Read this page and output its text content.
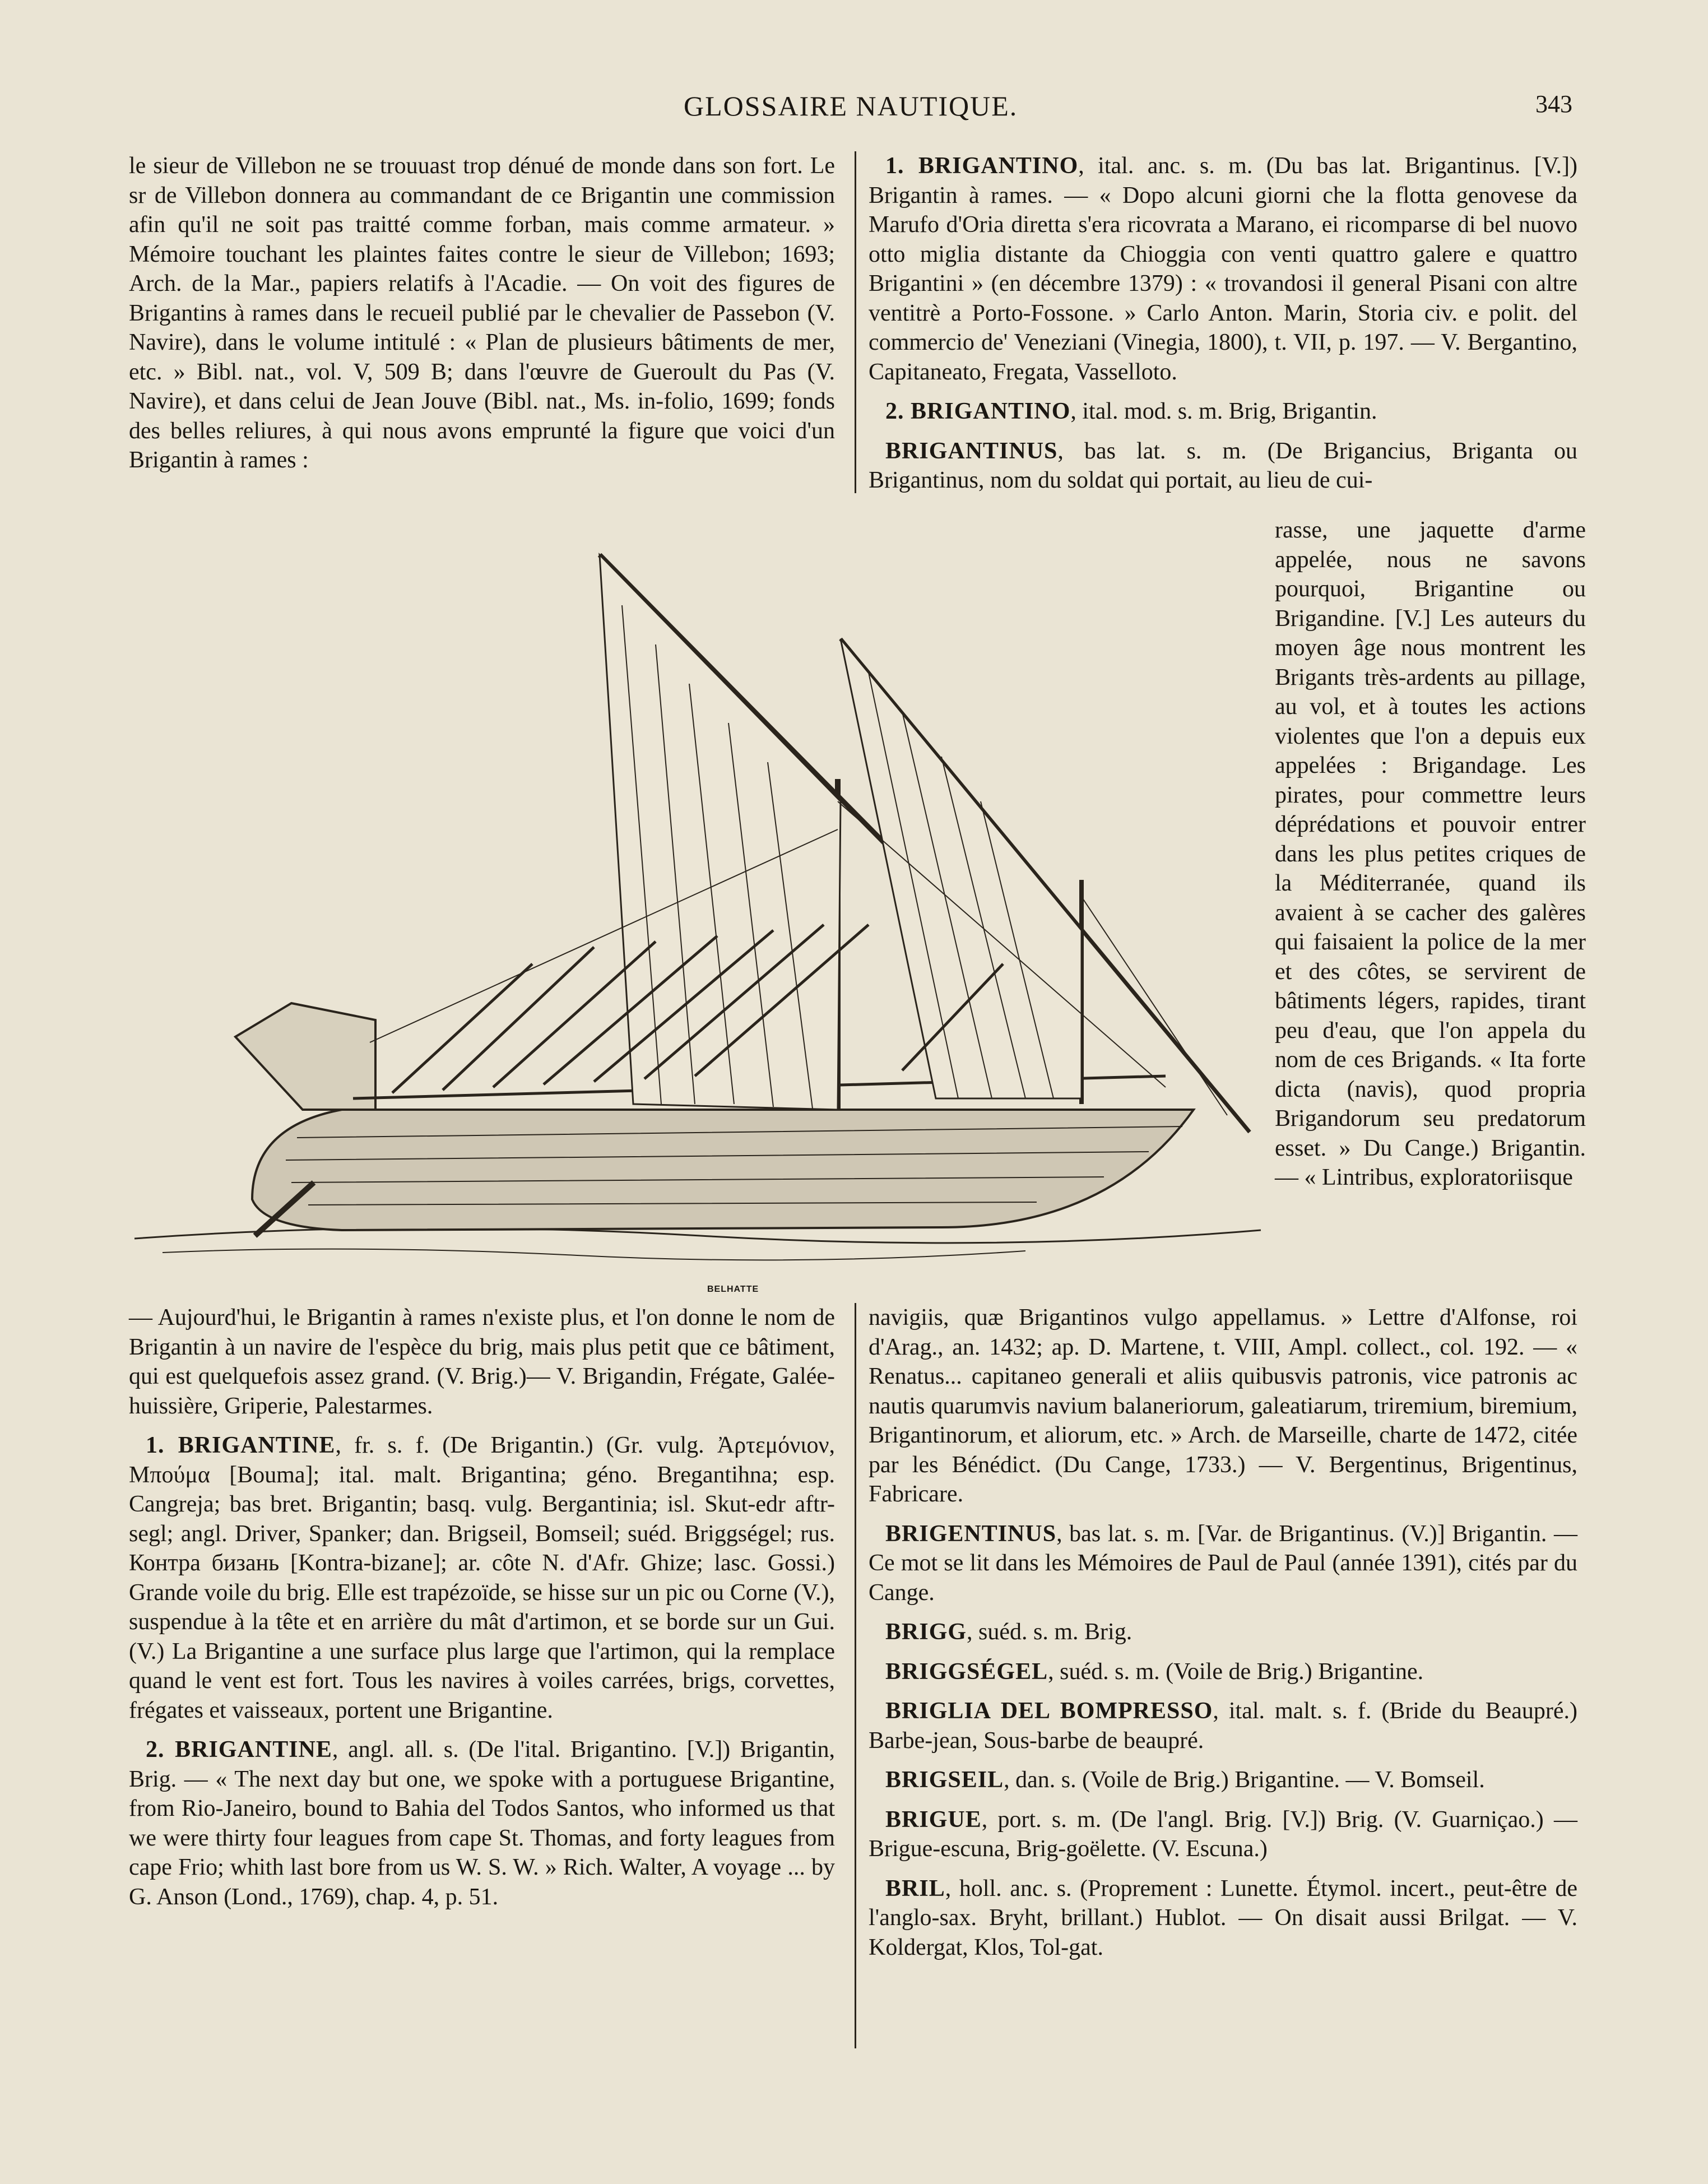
GLOSSAIRE NAUTIQUE.	343

le sieur de Villebon ne se trouuast trop dénué de monde dans son fort. Le sr de Villebon donnera au commandant de ce Brigantin une commission afin qu'il ne soit pas traitté comme forban, mais comme armateur. » Mémoire touchant les plaintes faites contre le sieur de Villebon; 1693; Arch. de la Mar., papiers relatifs à l'Acadie. — On voit des figures de Brigantins à rames dans le recueil publié par le chevalier de Passebon (V. Navire), dans le volume intitulé : « Plan de plusieurs bâtiments de mer, etc. » Bibl. nat., vol. V, 509 B; dans l'œuvre de Gueroult du Pas (V. Navire), et dans celui de Jean Jouve (Bibl. nat., Ms. in-folio, 1699; fonds des belles reliures, à qui nous avons emprunté la figure que voici d'un Brigantin à rames :

1. BRIGANTINO, ital. anc. s. m. (Du bas lat. Brigantinus. [V.]) Brigantin à rames. — « Dopo alcuni giorni che la flotta genovese da Marufo d'Oria diretta s'era ricovrata a Marano, ei ricomparse di bel nuovo otto miglia distante da Chioggia con venti quattro galere e quattro Brigantini » (en décembre 1379) : « trovandosi il general Pisani con altre ventitrè a Porto-Fossone. » Carlo Anton. Marin, Storia civ. e polit. del commercio de' Veneziani (Vinegia, 1800), t. VII, p. 197. — V. Bergantino, Capitaneato, Fregata, Vasselloto.

2. BRIGANTINO, ital. mod. s. m. Brig, Brigantin.

BRIGANTINUS, bas lat. s. m. (De Brigancius, Briganta ou Brigantinus, nom du soldat qui portait, au lieu de cui-

rasse, une jaquette d'arme appelée, nous ne savons pourquoi, Brigantine ou Brigandine. [V.] Les auteurs du moyen âge nous montrent les Brigants très-ardents au pillage, au vol, et à toutes les actions violentes que l'on a depuis eux appelées : Brigandage. Les pirates, pour commettre leurs déprédations et pouvoir entrer dans les plus petites criques de la Méditerranée, quand ils avaient à se cacher des galères qui faisaient la police de la mer et des côtes, se servirent de bâtiments légers, rapides, tirant peu d'eau, que l'on appela du nom de ces Brigands. « Ita forte dicta (navis), quod propria Brigandorum seu predatorum esset. » Du Cange.) Brigantin. — « Lintribus, exploratoriisque

BELHATTE

— Aujourd'hui, le Brigantin à rames n'existe plus, et l'on donne le nom de Brigantin à un navire de l'espèce du brig, mais plus petit que ce bâtiment, qui est quelquefois assez grand. (V. Brig.)— V. Brigandin, Frégate, Galée-huissière, Griperie, Palestarmes.

1. BRIGANTINE, fr. s. f. (De Brigantin.) (Gr. vulg. Ἀρτεμόνιον, Μπούμα [Bouma]; ital. malt. Brigantina; géno. Bregantihna; esp. Cangreja; bas bret. Brigantin; basq. vulg. Bergantinia; isl. Skut-edr aftr-segl; angl. Driver, Spanker; dan. Brigseil, Bomseil; suéd. Briggségel; rus. Контра бизань [Kontra-bizane]; ar. côte N. d'Afr. Ghize; lasc. Gossi.) Grande voile du brig. Elle est trapézoïde, se hisse sur un pic ou Corne (V.), suspendue à la tête et en arrière du mât d'artimon, et se borde sur un Gui. (V.) La Brigantine a une surface plus large que l'artimon, qui la remplace quand le vent est fort. Tous les navires à voiles carrées, brigs, corvettes, frégates et vaisseaux, portent une Brigantine.

2. BRIGANTINE, angl. all. s. (De l'ital. Brigantino. [V.]) Brigantin, Brig. — « The next day but one, we spoke with a portuguese Brigantine, from Rio-Janeiro, bound to Bahia del Todos Santos, who informed us that we were thirty four leagues from cape St. Thomas, and forty leagues from cape Frio; whith last bore from us W. S. W. » Rich. Walter, A voyage ... by G. Anson (Lond., 1769), chap. 4, p. 51.

navigiis, quæ Brigantinos vulgo appellamus. » Lettre d'Alfonse, roi d'Arag., an. 1432; ap. D. Martene, t. VIII, Ampl. collect., col. 192. — « Renatus... capitaneo generali et aliis quibusvis patronis, vice patronis ac nautis quarumvis navium balaneriorum, galeatiarum, triremium, biremium, Brigantinorum, et aliorum, etc. » Arch. de Marseille, charte de 1472, citée par les Bénédict. (Du Cange, 1733.) — V. Bergentinus, Brigentinus, Fabricare.

BRIGENTINUS, bas lat. s. m. [Var. de Brigantinus. (V.)] Brigantin. — Ce mot se lit dans les Mémoires de Paul de Paul (année 1391), cités par du Cange.

BRIGG, suéd. s. m. Brig.

BRIGGSÉGEL, suéd. s. m. (Voile de Brig.) Brigantine.

BRIGLIA DEL BOMPRESSO, ital. malt. s. f. (Bride du Beaupré.) Barbe-jean, Sous-barbe de beaupré.

BRIGSEIL, dan. s. (Voile de Brig.) Brigantine. — V. Bomseil.

BRIGUE, port. s. m. (De l'angl. Brig. [V.]) Brig. (V. Guarniçao.) — Brigue-escuna, Brig-goëlette. (V. Escuna.)

BRIL, holl. anc. s. (Proprement : Lunette. Étymol. incert., peut-être de l'anglo-sax. Bryht, brillant.) Hublot. — On disait aussi Brilgat. — V. Koldergat, Klos, Tol-gat.
